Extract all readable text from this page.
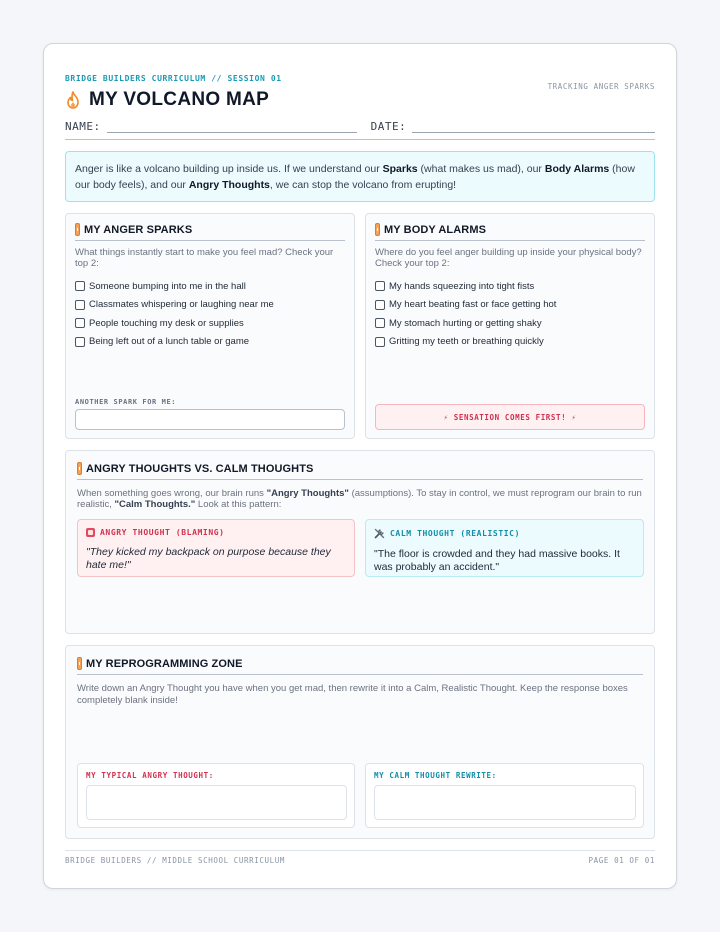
BRIDGE BUILDERS CURRICULUM // SESSION 01
TRACKING ANGER SPARKS
MY VOLCANO MAP
NAME:	DATE:
Anger is like a volcano building up inside us. If we understand our Sparks (what makes us mad), our Body Alarms (how our body feels), and our Angry Thoughts, we can stop the volcano from erupting!
MY ANGER SPARKS
What things instantly start to make you feel mad? Check your top 2:
Someone bumping into me in the hall
Classmates whispering or laughing near me
People touching my desk or supplies
Being left out of a lunch table or game
ANOTHER SPARK FOR ME:
MY BODY ALARMS
Where do you feel anger building up inside your physical body? Check your top 2:
My hands squeezing into tight fists
My heart beating fast or face getting hot
My stomach hurting or getting shaky
Gritting my teeth or breathing quickly
⚡ SENSATION COMES FIRST! ⚡
ANGRY THOUGHTS VS. CALM THOUGHTS
When something goes wrong, our brain runs "Angry Thoughts" (assumptions). To stay in control, we must reprogram our brain to run realistic, "Calm Thoughts." Look at this pattern:
ANGRY THOUGHT (BLAMING)
"They kicked my backpack on purpose because they hate me!"
CALM THOUGHT (REALISTIC)
"The floor is crowded and they had massive books. It was probably an accident."
MY REPROGRAMMING ZONE
Write down an Angry Thought you have when you get mad, then rewrite it into a Calm, Realistic Thought. Keep the response boxes completely blank inside!
MY TYPICAL ANGRY THOUGHT:	MY CALM THOUGHT REWRITE:
BRIDGE BUILDERS // MIDDLE SCHOOL CURRICULUM	PAGE 01 OF 01
